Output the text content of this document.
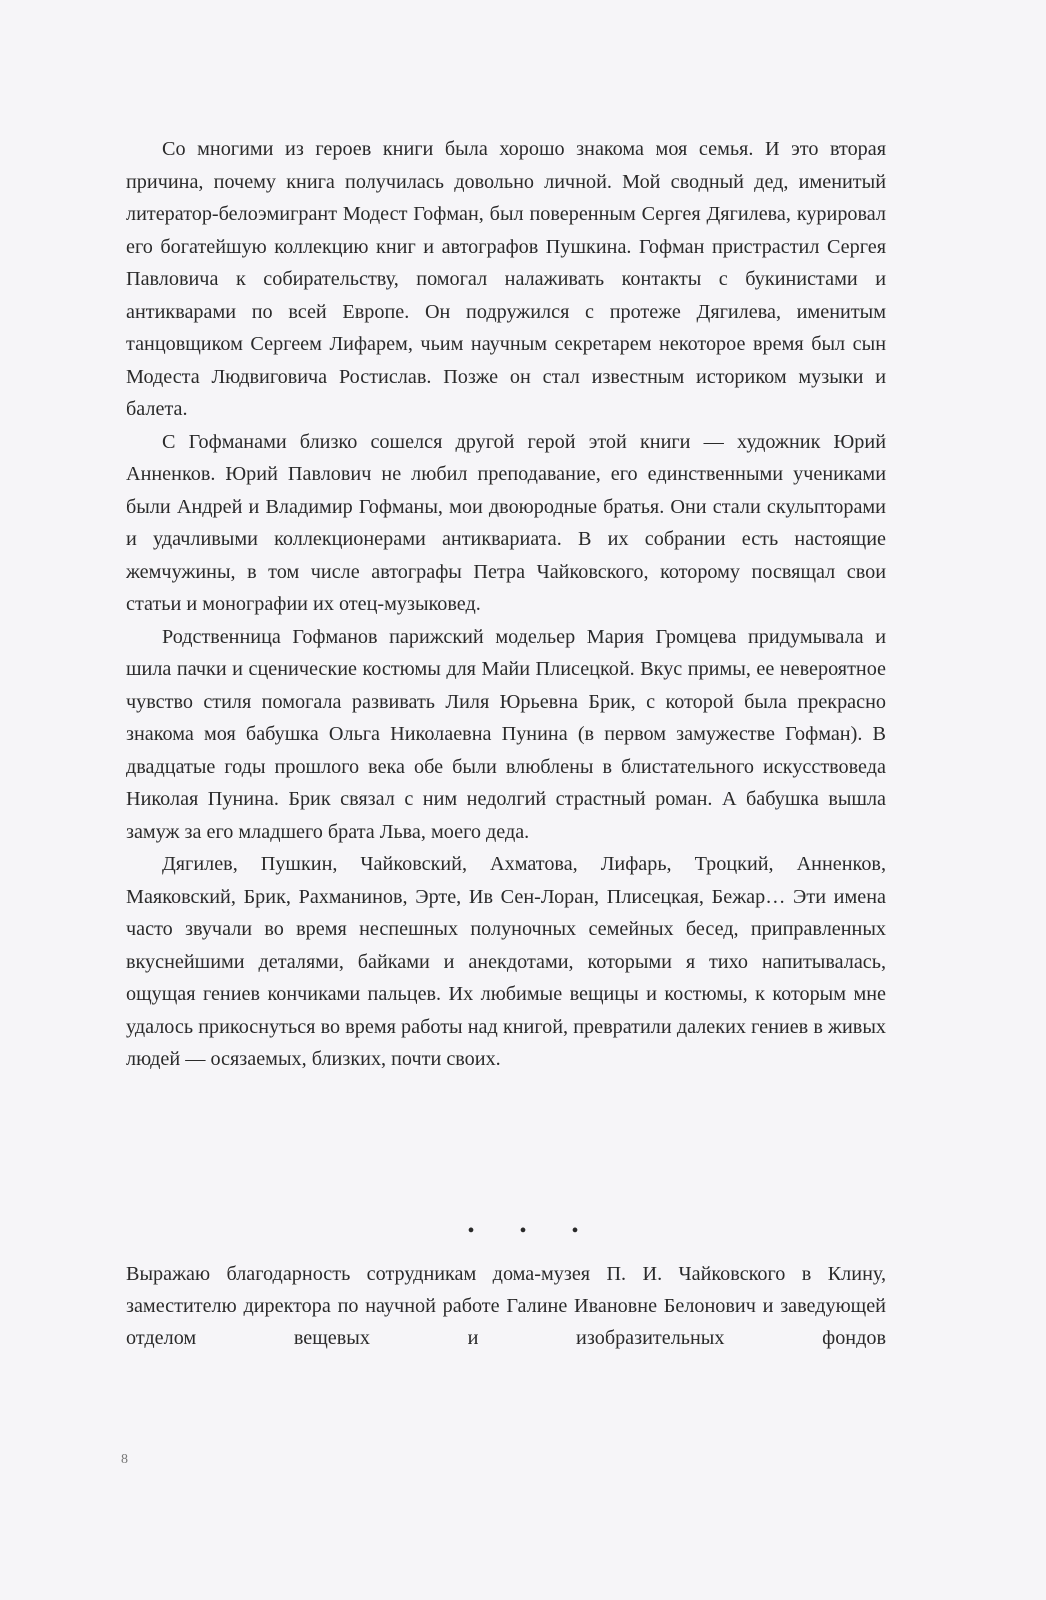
Со многими из героев книги была хорошо знакома моя семья. И это вторая причина, почему книга получилась довольно личной. Мой сводный дед, именитый литератор-белоэмигрант Модест Гофман, был поверенным Сергея Дягилева, курировал его богатейшую коллекцию книг и автографов Пушкина. Гофман пристрастил Сергея Павловича к собирательству, помогал налаживать контакты с букинистами и антикварами по всей Европе. Он подружился с протеже Дягилева, именитым танцовщиком Сергеем Лифарем, чьим научным секретарем некоторое время был сын Модеста Людвиговича Ростислав. Позже он стал известным историком музыки и балета.

С Гофманами близко сошелся другой герой этой книги — художник Юрий Анненков. Юрий Павлович не любил преподавание, его единственными учениками были Андрей и Владимир Гофманы, мои двоюродные братья. Они стали скульпторами и удачливыми коллекционерами антиквариата. В их собрании есть настоящие жемчужины, в том числе автографы Петра Чайковского, которому посвящал свои статьи и монографии их отец-музыковед.

Родственница Гофманов парижский модельер Мария Громцева придумывала и шила пачки и сценические костюмы для Майи Плисецкой. Вкус примы, ее невероятное чувство стиля помогала развивать Лиля Юрьевна Брик, с которой была прекрасно знакома моя бабушка Ольга Николаевна Пунина (в первом замужестве Гофман). В двадцатые годы прошлого века обе были влюблены в блистательного искусствоведа Николая Пунина. Брик связал с ним недолгий страстный роман. А бабушка вышла замуж за его младшего брата Льва, моего деда.

Дягилев, Пушкин, Чайковский, Ахматова, Лифарь, Троцкий, Анненков, Маяковский, Брик, Рахманинов, Эрте, Ив Сен-Лоран, Плисецкая, Бежар… Эти имена часто звучали во время неспешных полуночных семейных бесед, приправленных вкуснейшими деталями, байками и анекдотами, которыми я тихо напитывалась, ощущая гениев кончиками пальцев. Их любимые вещицы и костюмы, к которым мне удалось прикоснуться во время работы над книгой, превратили далеких гениев в живых людей — осязаемых, близких, почти своих.

• • •

Выражаю благодарность сотрудникам дома-музея П. И. Чайковского в Клину, заместителю директора по научной работе Галине Ивановне Белонович и заведующей отделом вещевых и изобразительных фондов

8
